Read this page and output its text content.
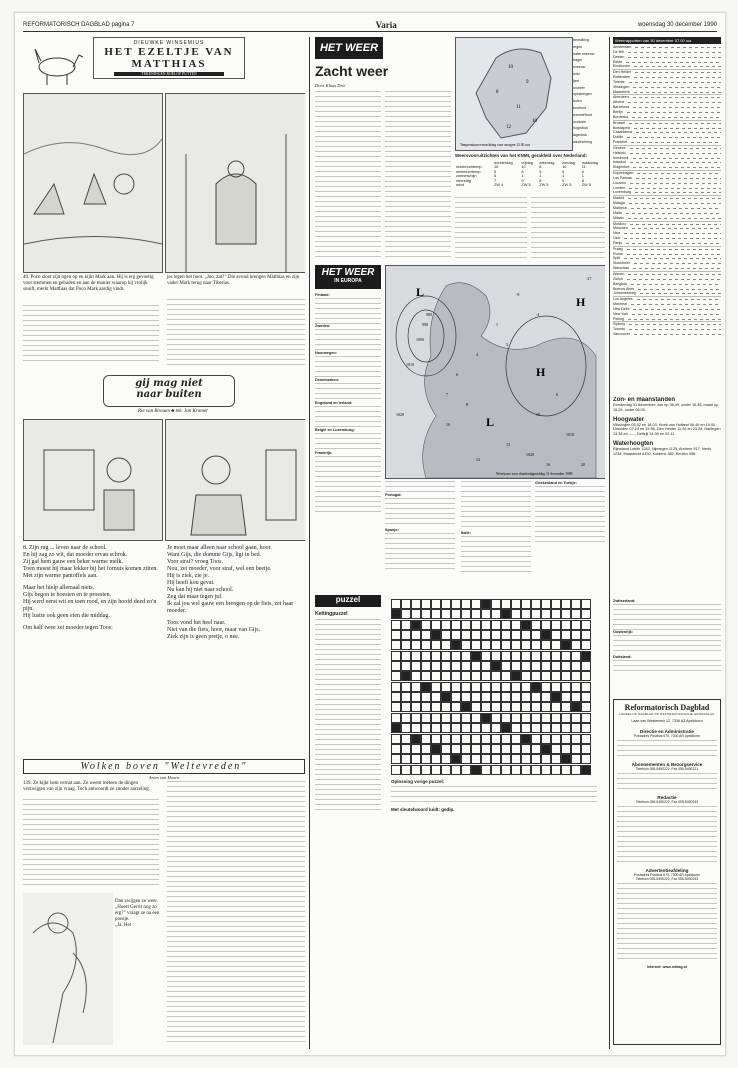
REFORMATORISCH DAGBLAD pagina 7	Varia	woensdag 30 december 1990
DIEUWKE WINSEMIUS
HET EZELTJE VAN
MATTHIAS
TEKENINGEN ROELOF PUTTEN
40. Poco sloot zijn ogen op en kijkt Mark aan. Hij is erg gevoelig voor stemmen en gebaden en aan de manier waarop hij vrolijk snuift, merkt Matthias dat Poco Mark aardig vindt.
jes tegen het hoot. „Joo, zat?” Die avond brengen Matthias en zijn vader Mark terug naar Tiberias.
gij mag niet
naar buiten
Rie van Rossum ♣ tek. Jan Kramer
8. Zijn rug ... leven naar de school.
En hij zag zo wit, dat moeder ervan schrok.
Zij gaf hem gauw een beker warme melk.
Toen moest hij maar lekker bij het fornuis komen zitten.
Met zijn warme pantoffels aan.
Maar het hielp allemaal niets.
Gijs begon te hoesten en te proesten.
Hij werd eerst wit en toen rood, en zijn hoofd deed zo'n pijn.
Hij lustte ook geen eten die middag.
Om half twee zei moeder tegen Toos:
Je moet maar alleen naar school gaan, hoor.
Want Gijs, die domme Gijs, ligt in bed.
Voor straf? vroeg Toos.
Nou, zei moeder, voor straf, wel een beetje.
Hij is ziek, zie je.
Hij heeft kou gevat.
Nu kan hij niet naar school.
Zeg dat maar tegen juf.
Ik zal jou wel gauw een brengen op de fiets, zei haar moeder.
Toos vond het heel naar.
Niet van die fiets, hoor, maar van Gijs.
Ziek zijn is geen pretje, o nee.
Wolken boven "Weltevreden"
Arien van Hoorn
139. Ze kijkt hem vernat aan. Ze weent meteen de dingen verzwijgen van zijn vraag. Toch antwoordt ze zonder aarzeling.
Dan zwijgen ze weer.
„Hoest Gerrit nog zo erg?” vraagt ze na een poosje.
„Ja. Het
HET WEER
Zacht weer
Door Klaas Drie
10
9
8
11
10
12
Temperatuurverwachting voor morgen 12.00 uur
bewolking
regen
natte sneeuw
hagel
sneeuw
mist
ijzel
onweer
opklaringen
buien
koufront
warmtefront
occlusie
hogedruk
lagedruk
windrichting
Weersvooruitzichten van het KNMI, geraldeld over Nederland:
	donderdag	vrijdag	zaterdag	zondag	maandag
maximumtemp.	10	10	8	10	11
minimumtemp.	5	8	5	5	6
zonneschijn	5	1	1	1	1
neerslag	7	9	8	9	8
wind	ZW 4	ZW 5	ZW 5	ZW 5	ZW 5
HET WEER
IN EUROPA
Finland:
Zweden:
Noorwegen:
Denemarken:
Engeland en Ierland:
België en Luxemburg:
Frankrijk:
L
H
H
L
1010
1020
1000
990
980
1020
1010
-27
-8
-4
1
3
4
6
7
8
10
13
10
6
13
16	20
Weerkaart voor donderdagmiddag 31 december 1990
Portugal:
Spanje:
Italië:
Griekenland en Turkije:
puzzel
Kettingpuzzel
Oplossing vorige puzzel:
Met sleutelwoord luidt: gedip.
Weerrapporten van 30 december 07.00 uur
Amsterdam
De Bilt
Deelen
Eelde
Eindhoven
Den Helder
Rotterdam
Twente
Vlissingen
Maastricht
Aberdeen
Athene
Barcelona
Berlijn
Bordeaux
Brussel
Boedapest
Casablanca
Dublin
Frankfort
Genève
Helsinki
Innsbruck
Istanbul
Klagenfurt
Kopenhagen
Las Palmas
Locarno
Londen
Luxemburg
Madrid
Málaga
Mallorca
Malta
Milaan
Moskou
München
Nice
Oslo
Parijs
Praag
Rome
Split
Stockholm
Warschau
Wenen
Zürich
Bangkok
Buenos Aires
Johannesburg
Los Angeles
Montreal
New Delhi
New York
Peking
Sydney
Toronto
Vancouver
Zon- en maanstanden
Donderdag 31 december: zon op 08.49, onder 16.36, maan op 15.29, onder 06.00.
Hoogwater
Vlissingen 05.52 en 18.03, Hoek van Holland 06.48 en 19.00, IJmuiden 07.24 en 19.56, Den Helder 11.26 en 23.28, Harlingen 13.38 en --.--, Delfzijl 14.09 en 02.11.
Waterhoogten
Rijnstand Lobith 1283, Nijmegen 1125, Arnhem 917, Venlo 1234, Maastricht 4330, Koblenz 382, Keulen 398.
Zwitserland:
Oostenrijk:
Duitsland:
Reformatorisch Dagblad
LANDELIJK DAGBLAD OP REFORMATORISCHE GRONDSLAG
Laan van Westenenk 12, 7336 AZ Apeldoorn
Directie en Administratie
Postadres Postbus 670, 7300 AR Apeldoorn
Abonnementen & Bezorgservice
Telefoon 055-5490222, Fax 055-5490221
Redactie
Telefoon 055-5490222, Fax 055-5490243
Advertentieafdeling
Postadres Postbus 670, 7300 AR Apeldoorn
Telefoon 055-5490222, Fax 055-5490243
Internet: www.refdag.nl
